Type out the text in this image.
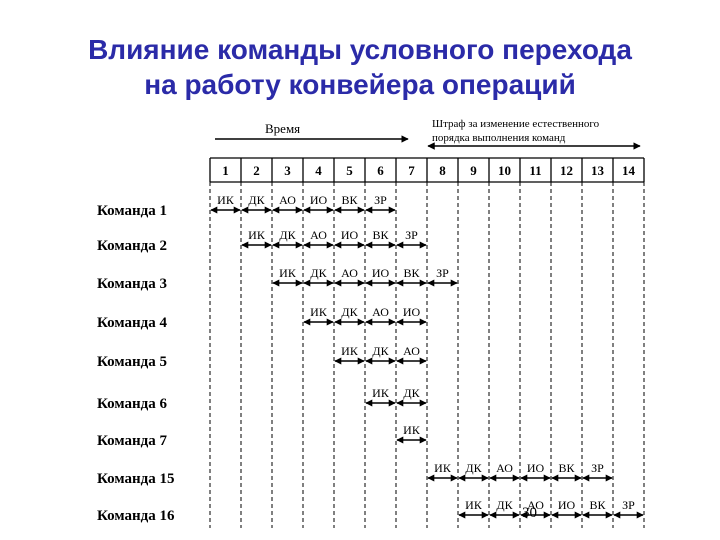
Влияние команды условного перехода
на работу конвейера операций
Время	Штраф за изменение естественного
порядка выполнения команд
1 2 3 4 5 6 7 8 9 10 11 12 13 14
Команда 1
ИК ДК АО ИО ВК ЗР
Команда 2
ИК ДК АО ИО ВК ЗР
Команда 3
ИК ДК АО ИО ВК ЗР
Команда 4
ИК ДК АО ИО
Команда 5
ИК ДК АО
Команда 6
ИК ДК
Команда 7
ИК
Команда 15
ИК ДК АО ИО ВК ЗР
Команда 16
ИК ДК АО ИО ВК ЗР
30
